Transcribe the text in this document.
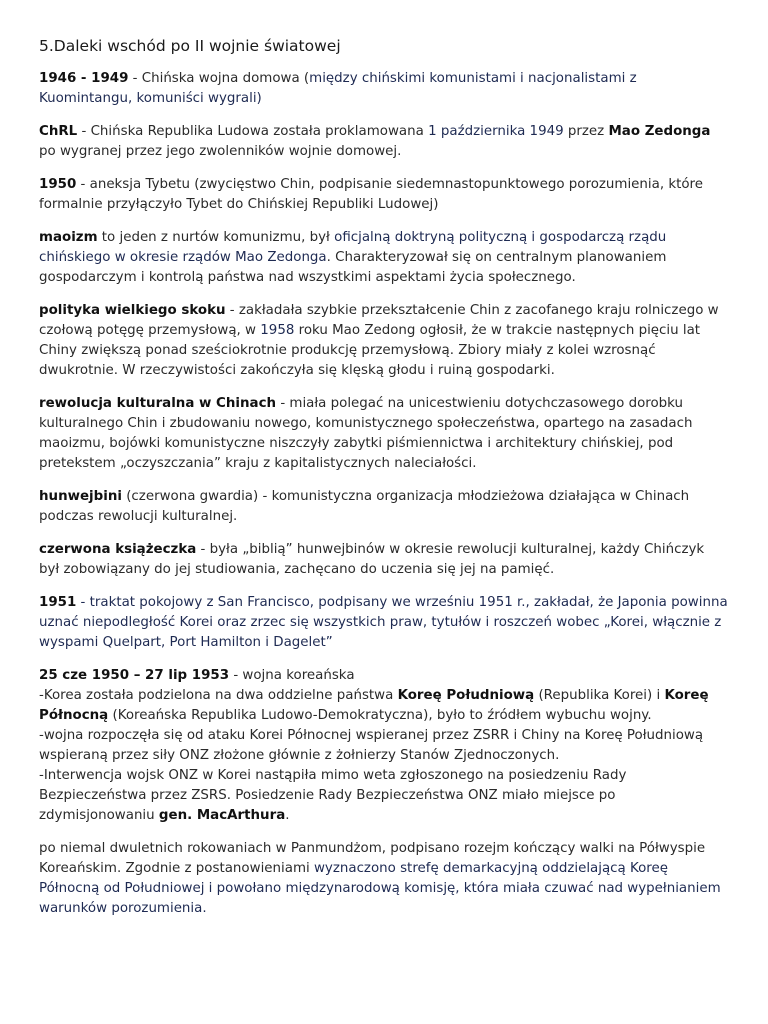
5.Daleki wschód po II wojnie światowej

1946 - 1949 - Chińska wojna domowa (między chińskimi komunistami i nacjonalistami z Kuomintangu, komuniści wygrali)

ChRL - Chińska Republika Ludowa została proklamowana 1 października 1949 przez Mao Zedonga po wygranej przez jego zwolenników wojnie domowej.

1950 - aneksja Tybetu (zwycięstwo Chin, podpisanie siedemnastopunktowego porozumienia, które formalnie przyłączyło Tybet do Chińskiej Republiki Ludowej)

maoizm to jeden z nurtów komunizmu, był oficjalną doktryną polityczną i gospodarczą rządu chińskiego w okresie rządów Mao Zedonga. Charakteryzował się on centralnym planowaniem gospodarczym i kontrolą państwa nad wszystkimi aspektami życia społecznego.

polityka wielkiego skoku - zakładała szybkie przekształcenie Chin z zacofanego kraju rolniczego w czołową potęgę przemysłową, w 1958 roku Mao Zedong ogłosił, że w trakcie następnych pięciu lat Chiny zwiększą ponad sześciokrotnie produkcję przemysłową. Zbiory miały z kolei wzrosnąć dwukrotnie. W rzeczywistości zakończyła się klęską głodu i ruiną gospodarki.

rewolucja kulturalna w Chinach - miała polegać na unicestwieniu dotychczasowego dorobku kulturalnego Chin i zbudowaniu nowego, komunistycznego społeczeństwa, opartego na zasadach maoizmu, bojówki komunistyczne niszczyły zabytki piśmiennictwa i architektury chińskiej, pod pretekstem „oczyszczania” kraju z kapitalistycznych naleciałości.

hunwejbini (czerwona gwardia) - komunistyczna organizacja młodzieżowa działająca w Chinach podczas rewolucji kulturalnej.

czerwona książeczka - była „biblią” hunwejbinów w okresie rewolucji kulturalnej, każdy Chińczyk był zobowiązany do jej studiowania, zachęcano do uczenia się jej na pamięć.

1951 - traktat pokojowy z San Francisco, podpisany we wrześniu 1951 r., zakładał, że Japonia powinna uznać niepodległość Korei oraz zrzec się wszystkich praw, tytułów i roszczeń wobec „Korei, włącznie z wyspami Quelpart, Port Hamilton i Dagelet”

25 cze 1950 – 27 lip 1953 - wojna koreańska

-Korea została podzielona na dwa oddzielne państwa Koreę Południową (Republika Korei) i Koreę Północną (Koreańska Republika Ludowo-Demokratyczna), było to źródłem wybuchu wojny.

-wojna rozpoczęła się od ataku Korei Północnej wspieranej przez ZSRR i Chiny na Koreę Południową wspieraną przez siły ONZ złożone głównie z żołnierzy Stanów Zjednoczonych.

-Interwencja wojsk ONZ w Korei nastąpiła mimo weta zgłoszonego na posiedzeniu Rady Bezpieczeństwa przez ZSRS. Posiedzenie Rady Bezpieczeństwa ONZ miało miejsce po zdymisjonowaniu gen. MacArthura.

po niemal dwuletnich rokowaniach w Panmundżom, podpisano rozejm kończący walki na Półwyspie Koreańskim. Zgodnie z postanowieniami wyznaczono strefę demarkacyjną oddzielającą Koreę Północną od Południowej i powołano międzynarodową komisję, która miała czuwać nad wypełnianiem warunków porozumienia.
